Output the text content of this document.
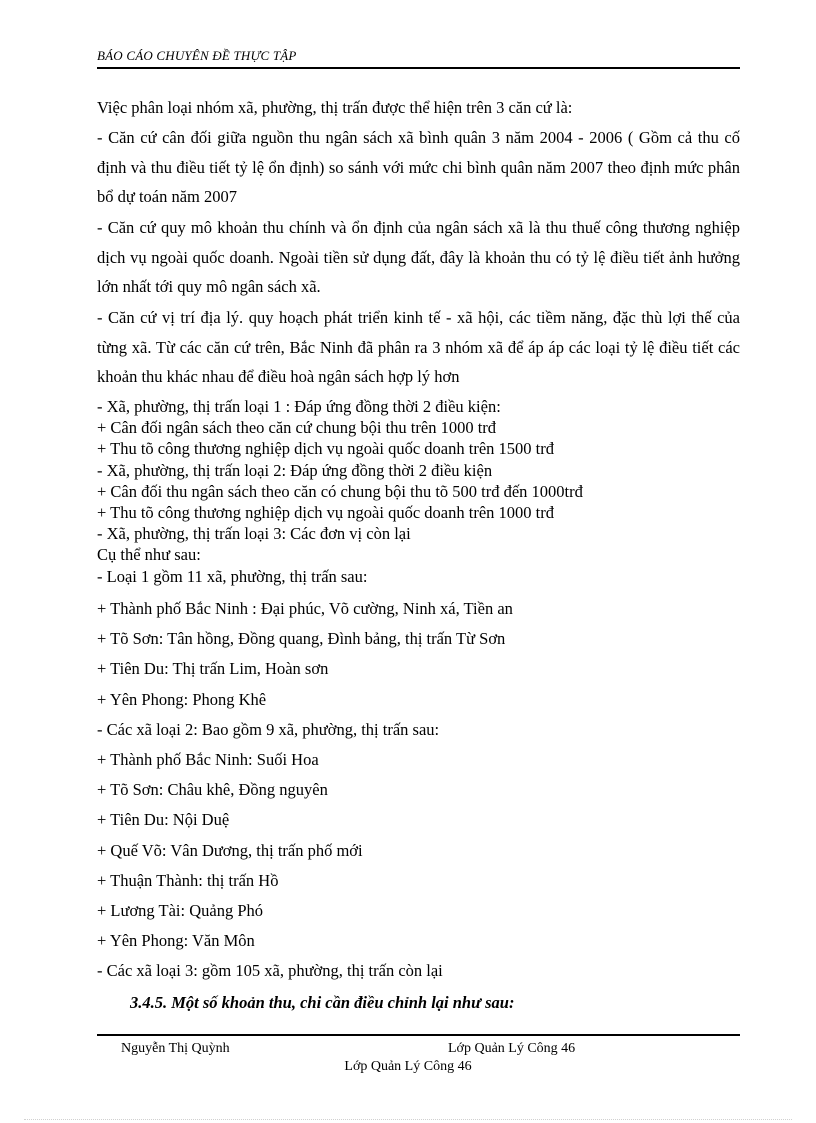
BÁO CÁO CHUYÊN ĐỀ THỰC TẬP

Việc phân loại nhóm xã, phường, thị trấn được thể hiện trên 3 căn cứ là:

- Căn cứ cân đối giữa nguồn thu ngân sách xã bình quân 3 năm 2004 - 2006 ( Gồm cả thu cố định và thu điều tiết tỷ lệ ổn định) so sánh với mức chi bình quân năm 2007 theo định mức phân bổ dự toán năm 2007

- Căn cứ quy mô khoản thu chính và ổn định của ngân sách xã là thu thuế công thương nghiệp dịch vụ ngoài quốc doanh. Ngoài tiền sử dụng đất, đây là khoản thu có tỷ lệ điều tiết ảnh hưởng lớn nhất tới quy mô ngân sách xã.

- Căn cứ vị trí địa lý. quy hoạch phát triển kinh tế - xã hội, các tiềm năng, đặc thù lợi thế của từng xã. Từ các căn cứ trên, Bắc Ninh đã phân ra 3 nhóm xã để áp áp các loại tỷ lệ điều tiết các khoản thu khác nhau để điều hoà ngân sách hợp lý hơn

- Xã, phường, thị trấn loại 1 : Đáp ứng đồng thời 2 điều kiện:
+ Cân đối ngân sách theo căn cứ chung bội thu trên 1000 trđ
+ Thu tõ công thương nghiệp dịch vụ ngoài quốc doanh trên 1500 trđ
- Xã, phường, thị trấn loại 2: Đáp ứng đồng thời 2 điều kiện
+ Cân đối thu ngân sách theo căn có chung bội thu tõ 500 trđ đến 1000trđ
+ Thu tõ công thương nghiệp dịch vụ ngoài quốc doanh trên 1000 trđ
- Xã, phường, thị trấn loại 3: Các đơn vị còn lại
Cụ thể như sau:
- Loại 1 gồm 11 xã, phường, thị trấn sau:
+ Thành phố Bắc Ninh : Đại phúc, Võ cường, Ninh xá, Tiền an
+ Tõ Sơn: Tân hồng, Đồng quang, Đình bảng, thị trấn Từ Sơn
+ Tiên Du: Thị trấn Lim, Hoàn sơn
+ Yên Phong: Phong Khê
- Các xã loại 2: Bao gồm 9 xã, phường, thị trấn sau:
+ Thành phố Bắc Ninh: Suối Hoa
+ Tõ Sơn: Châu khê, Đồng nguyên
+ Tiên Du: Nội Duệ
+ Quế Võ: Vân Dương, thị trấn phố mới
+ Thuận Thành: thị trấn Hồ
+ Lương Tài: Quảng Phó
+ Yên Phong: Văn Môn
- Các xã loại 3: gồm 105 xã, phường, thị trấn còn lại
3.4.5. Một số khoản thu, chi cần điều chỉnh lại như sau:
Nguyễn Thị Quỳnh	Lớp Quản Lý Công 46
Lớp Quản Lý Công 46
